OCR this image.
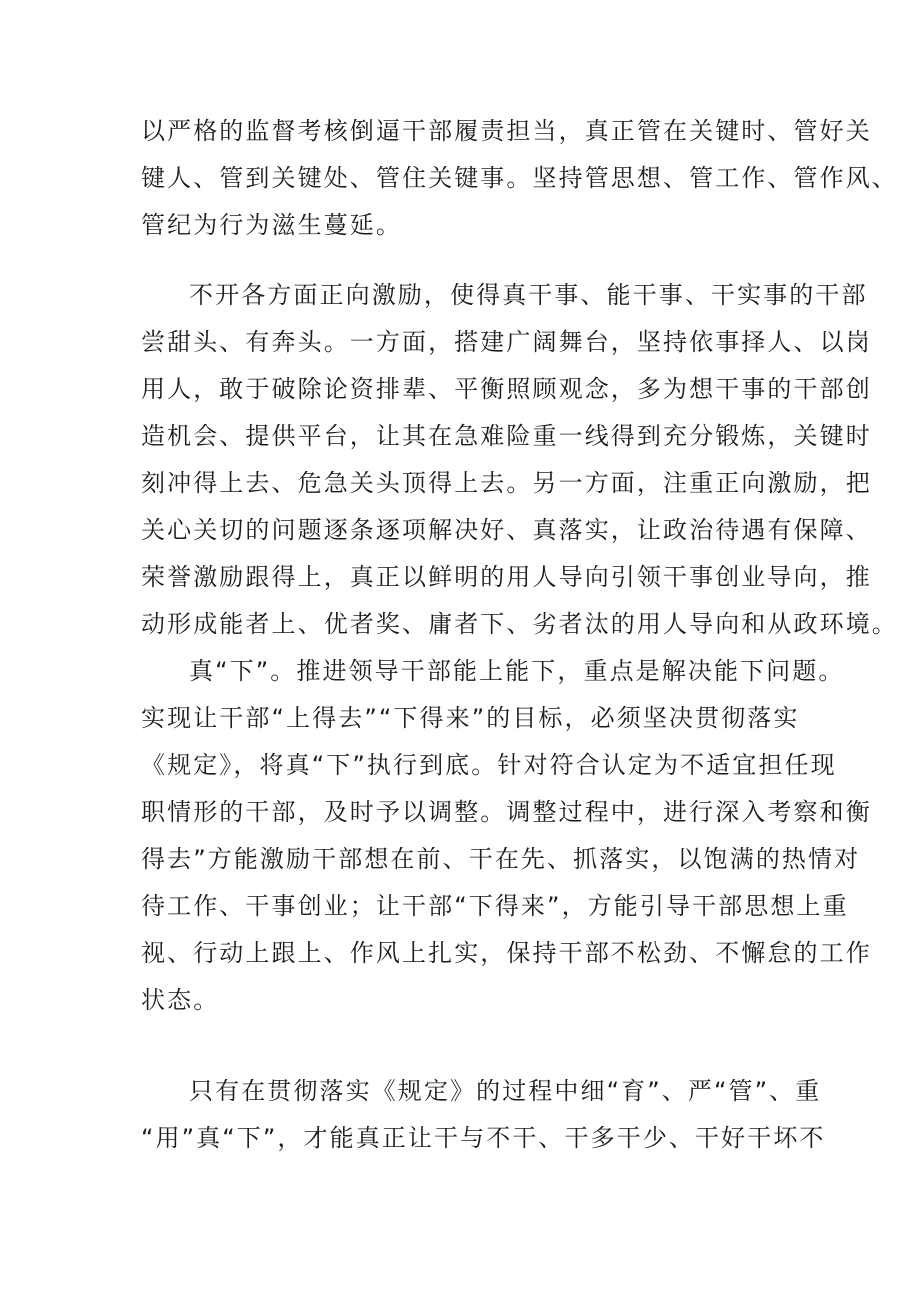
以严格的监督考核倒逼干部履责担当，真正管在关键时、管好关
键人、管到关键处、管住关键事。坚持管思想、管工作、管作风、
管纪为行为滋生蔓延。
不开各方面正向激励，使得真干事、能干事、干实事的干部
尝甜头、有奔头。一方面，搭建广阔舞台，坚持依事择人、以岗
用人，敢于破除论资排辈、平衡照顾观念，多为想干事的干部创
造机会、提供平台，让其在急难险重一线得到充分锻炼，关键时
刻冲得上去、危急关头顶得上去。另一方面，注重正向激励，把
关心关切的问题逐条逐项解决好、真落实，让政治待遇有保障、
荣誉激励跟得上，真正以鲜明的用人导向引领干事创业导向，推
动形成能者上、优者奖、庸者下、劣者汰的用人导向和从政环境。
真“下”。推进领导干部能上能下，重点是解决能下问题。
实现让干部“上得去”“下得来”的目标，必须坚决贯彻落实
《规定》，将真“下”执行到底。针对符合认定为不适宜担任现
职情形的干部，及时予以调整。调整过程中，进行深入考察和衡
得去”方能激励干部想在前、干在先、抓落实，以饱满的热情对
待工作、干事创业；让干部“下得来”，方能引导干部思想上重
视、行动上跟上、作风上扎实，保持干部不松劲、不懈怠的工作
状态。
只有在贯彻落实《规定》的过程中细“育”、严“管”、重
“用”真“下”，才能真正让干与不干、干多干少、干好干坏不
